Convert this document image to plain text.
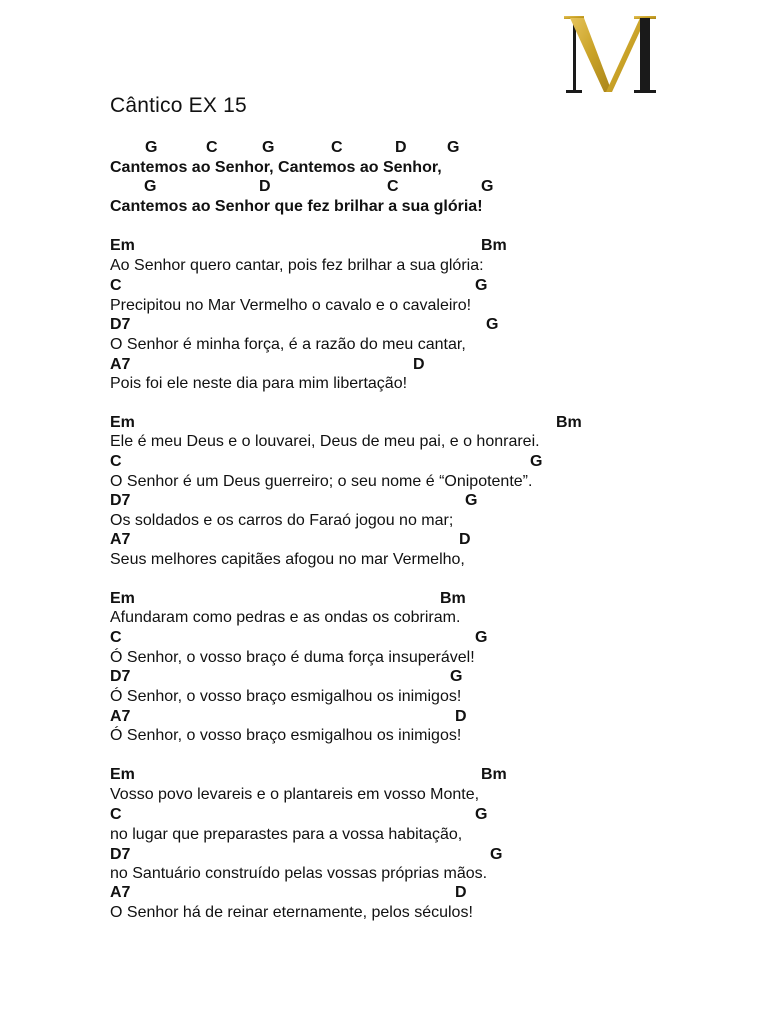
Cântico EX 15
G	C	G	C	D	G
Cantemos ao Senhor, Cantemos ao Senhor,
G	D	C	G
Cantemos ao Senhor que fez brilhar a sua glória!
Em	Bm
Ao Senhor quero cantar, pois fez brilhar a sua glória:
C	G
Precipitou no Mar Vermelho o cavalo e o cavaleiro!
D7	G
O Senhor é minha força, é a razão do meu cantar,
A7	D
Pois foi ele neste dia para mim libertação!
Em	Bm
Ele é meu Deus e o louvarei, Deus de meu pai, e o honrarei.
C	G
O Senhor é um Deus guerreiro; o seu nome é “Onipotente”.
D7	G
Os soldados e os carros do Faraó jogou no mar;
A7	D
Seus melhores capitães afogou no mar Vermelho,
Em	Bm
Afundaram como pedras e as ondas os cobriram.
C	G
Ó Senhor, o vosso braço é duma força insuperável!
D7	G
Ó Senhor, o vosso braço esmigalhou os inimigos!
A7	D
Ó Senhor, o vosso braço esmigalhou os inimigos!
Em	Bm
Vosso povo levareis e o plantareis em vosso Monte,
C	G
no lugar que preparastes para a vossa habitação,
D7	G
no Santuário construído pelas vossas próprias mãos.
A7	D
O Senhor há de reinar eternamente, pelos séculos!
